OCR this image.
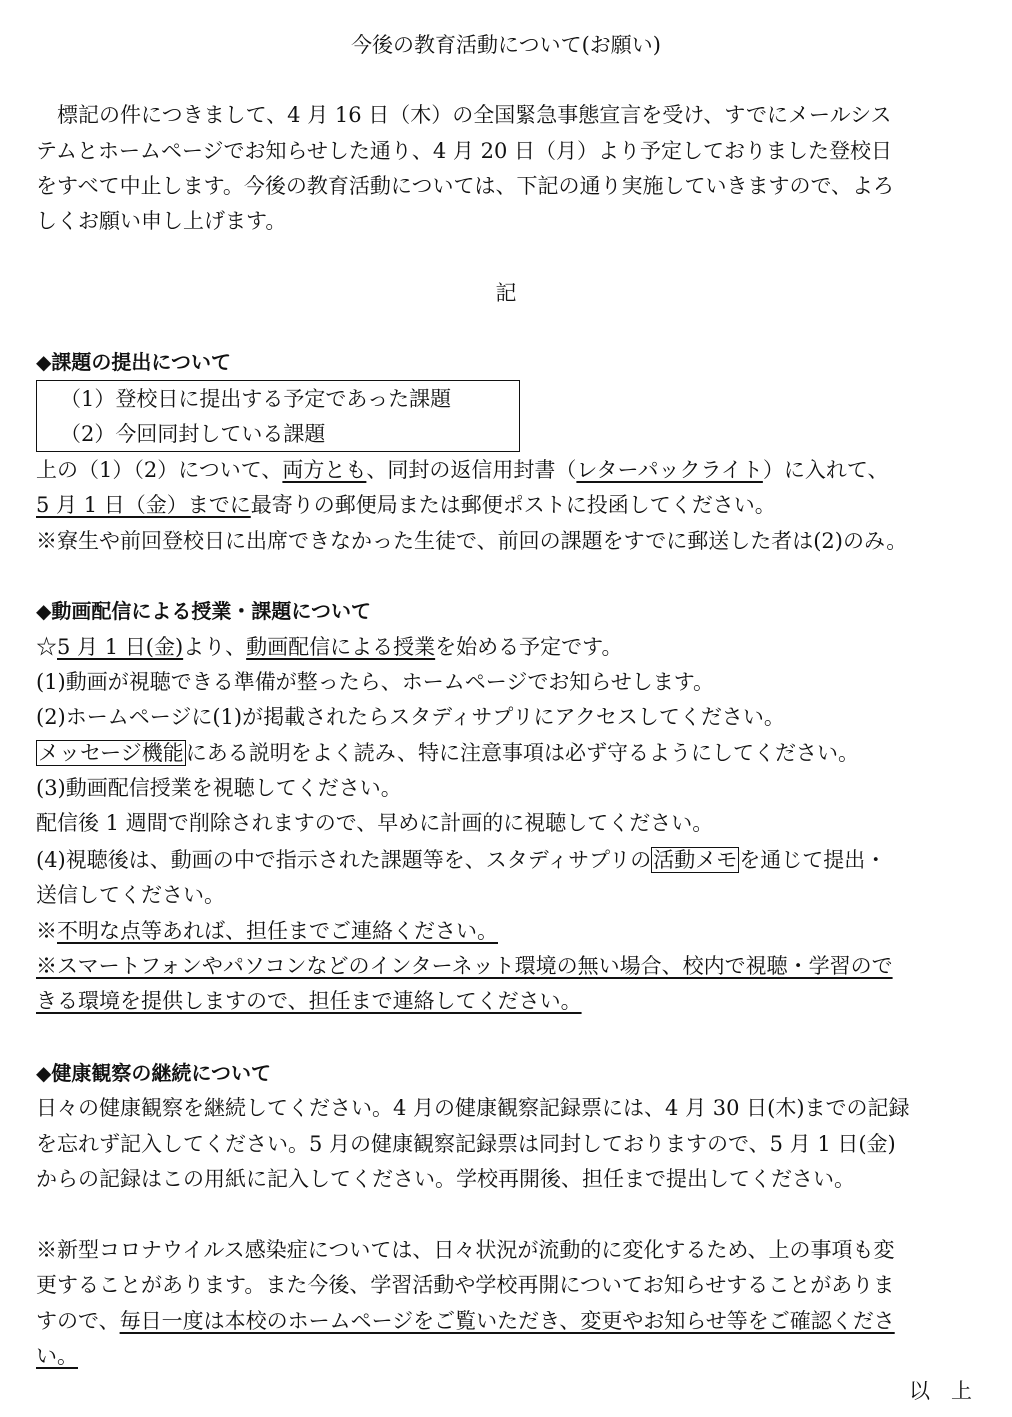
今後の教育活動について(お願い)
　標記の件につきまして、4 月 16 日（木）の全国緊急事態宣言を受け、すでにメールシス
テムとホームページでお知らせした通り、4 月 20 日（月）より予定しておりました登校日
をすべて中止します。今後の教育活動については、下記の通り実施していきますので、よろ
しくお願い申し上げます。
記
◆課題の提出について
（1）登校日に提出する予定であった課題
（2）今回同封している課題
上の（1）（2）について、両方とも、同封の返信用封書（レターパックライト）に入れて、
5 月 1 日（金）までに最寄りの郵便局または郵便ポストに投函してください。
※寮生や前回登校日に出席できなかった生徒で、前回の課題をすでに郵送した者は(2)のみ。
◆動画配信による授業・課題について
☆5 月 1 日(金)より、動画配信による授業を始める予定です。
(1)動画が視聴できる準備が整ったら、ホームページでお知らせします。
(2)ホームページに(1)が掲載されたらスタディサプリにアクセスしてください。
メッセージ機能にある説明をよく読み、特に注意事項は必ず守るようにしてください。
(3)動画配信授業を視聴してください。
配信後 1 週間で削除されますので、早めに計画的に視聴してください。
(4)視聴後は、動画の中で指示された課題等を、スタディサプリの活動メモを通じて提出・
送信してください。
※不明な点等あれば、担任までご連絡ください。
※スマートフォンやパソコンなどのインターネット環境の無い場合、校内で視聴・学習ので
きる環境を提供しますので、担任まで連絡してください。
◆健康観察の継続について
日々の健康観察を継続してください。4 月の健康観察記録票には、4 月 30 日(木)までの記録
を忘れず記入してください。5 月の健康観察記録票は同封しておりますので、5 月 1 日(金)
からの記録はこの用紙に記入してください。学校再開後、担任まで提出してください。
※新型コロナウイルス感染症については、日々状況が流動的に変化するため、上の事項も変
更することがあります。また今後、学習活動や学校再開についてお知らせすることがありま
すので、毎日一度は本校のホームページをご覧いただき、変更やお知らせ等をご確認くださ
い。
以　上
